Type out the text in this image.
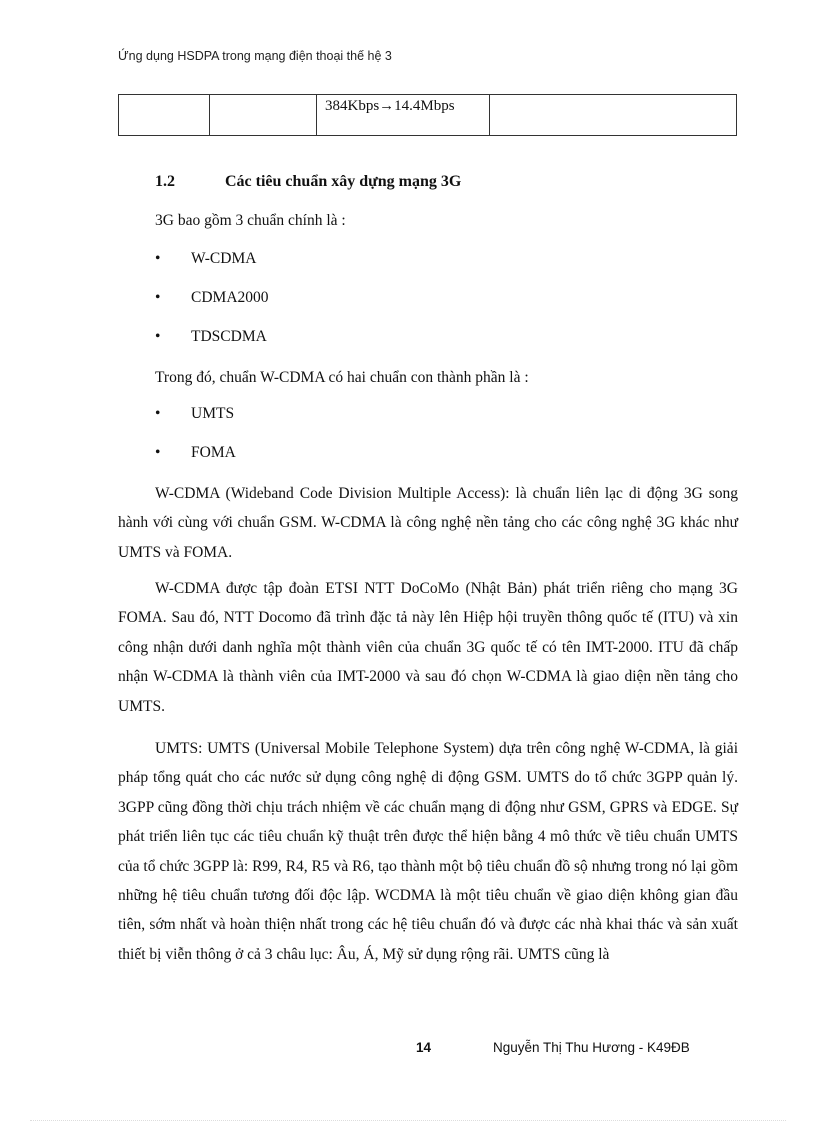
Ứng dụng HSDPA trong mạng điện thoại thế hệ 3
		384Kbps→14.4Mbps	
1.2	Các tiêu chuẩn xây dựng mạng 3G
3G bao gồm 3 chuẩn chính là :
• W-CDMA
• CDMA2000
• TDSCDMA
Trong đó, chuẩn W-CDMA có hai chuẩn con thành phần là :
• UMTS
• FOMA
W-CDMA (Wideband Code Division Multiple Access): là chuẩn liên lạc di động 3G song hành với cùng với chuẩn GSM. W-CDMA là công nghệ nền tảng cho các công nghệ 3G khác như UMTS và FOMA.
W-CDMA được tập đoàn ETSI NTT DoCoMo (Nhật Bản) phát triển riêng cho mạng 3G FOMA. Sau đó, NTT Docomo đã trình đặc tả này lên Hiệp hội truyền thông quốc tế (ITU) và xin công nhận dưới danh nghĩa một thành viên của chuẩn 3G quốc tế có tên IMT-2000. ITU đã chấp nhận W-CDMA là thành viên của IMT-2000 và sau đó chọn W-CDMA là giao diện nền tảng cho UMTS.
UMTS: UMTS (Universal Mobile Telephone System) dựa trên công nghệ W-CDMA, là giải pháp tổng quát cho các nước sử dụng công nghệ di động GSM. UMTS do tổ chức 3GPP quản lý. 3GPP cũng đồng thời chịu trách nhiệm về các chuẩn mạng di động như GSM, GPRS và EDGE. Sự phát triển liên tục các tiêu chuẩn kỹ thuật trên được thể hiện bằng 4 mô thức về tiêu chuẩn UMTS của tổ chức 3GPP là: R99, R4, R5 và R6, tạo thành một bộ tiêu chuẩn đồ sộ nhưng trong nó lại gồm những hệ tiêu chuẩn tương đối độc lập. WCDMA là một tiêu chuẩn về giao diện không gian đầu tiên, sớm nhất và hoàn thiện nhất trong các hệ tiêu chuẩn đó và được các nhà khai thác và sản xuất thiết bị viễn thông ở cả 3 châu lục: Âu, Á, Mỹ sử dụng rộng rãi. UMTS cũng là
14	Nguyễn Thị Thu Hương - K49ĐB
